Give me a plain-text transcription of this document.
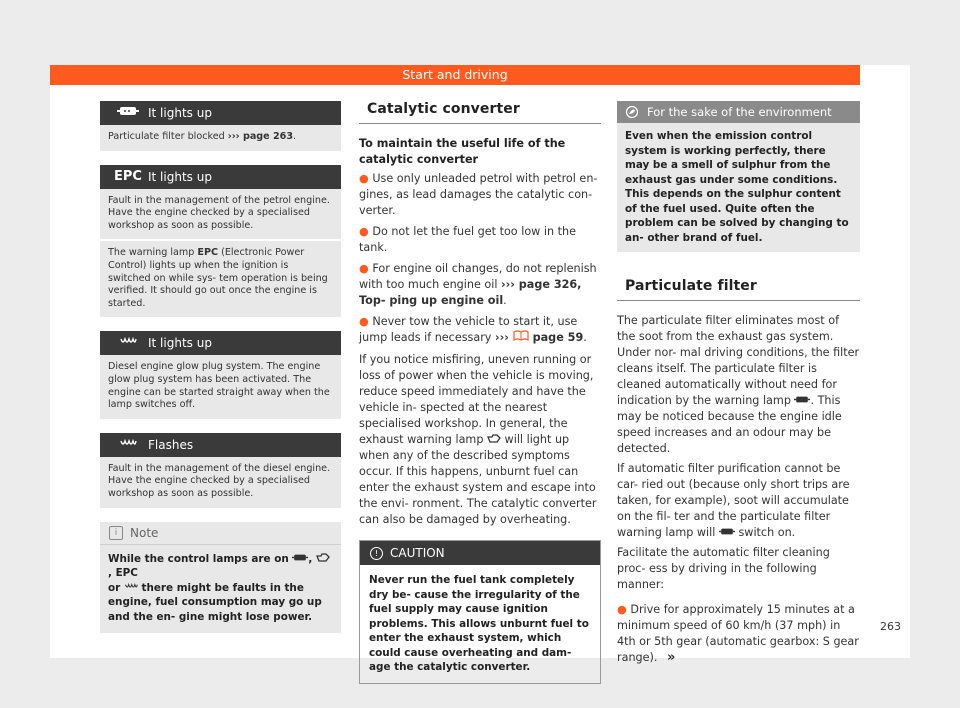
Start and driving
It lights up
Particulate filter blocked ››› page 263.
EPC It lights up
Fault in the management of the petrol engine. Have the engine checked by a specialised workshop as soon as possible.
The warning lamp EPC (Electronic Power Control) lights up when the ignition is switched on while sys- tem operation is being verified. It should go out once the engine is started.
It lights up
Diesel engine glow plug system. The engine glow plug system has been activated. The engine can be started straight away when the lamp switches off.
Flashes
Fault in the management of the diesel engine. Have the engine checked by a specialised workshop as soon as possible.
i	Note
While the control lamps are on , , EPC
or  there might be faults in the engine, fuel consumption may go up and the en- gine might lose power.
Catalytic converter

To maintain the useful life of the catalytic converter

● Use only unleaded petrol with petrol en- gines, as lead damages the catalytic con- verter.

● Do not let the fuel get too low in the tank.

● For engine oil changes, do not replenish with too much engine oil ››› page 326, Top- ping up engine oil.

● Never tow the vehicle to start it, use jump leads if necessary ›››  page 59.

If you notice misfiring, uneven running or loss of power when the vehicle is moving, reduce speed immediately and have the vehicle in- spected at the nearest specialised workshop. In general, the exhaust warning lamp  will light up when any of the described symptoms occur. If this happens, unburnt fuel can enter the exhaust system and escape into the envi- ronment. The catalytic converter can also be damaged by overheating.

! CAUTION
Never run the fuel tank completely dry be- cause the irregularity of the fuel supply may cause ignition problems. This allows unburnt fuel to enter the exhaust system, which could cause overheating and dam- age the catalytic converter.
For the sake of the environment
Even when the emission control system is working perfectly, there may be a smell of sulphur from the exhaust gas under some conditions. This depends on the sulphur content of the fuel used. Quite often the problem can be solved by changing to an- other brand of fuel.
Particulate filter

The particulate filter eliminates most of the soot from the exhaust gas system. Under nor- mal driving conditions, the filter cleans itself. The particulate filter is cleaned automatically without need for indication by the warning lamp . This may be noticed because the engine idle speed increases and an odour may be detected.

If automatic filter purification cannot be car- ried out (because only short trips are taken, for example), soot will accumulate on the fil- ter and the particulate filter warning lamp will  switch on.

Facilitate the automatic filter cleaning proc- ess by driving in the following manner:

● Drive for approximately 15 minutes at a minimum speed of 60 km/h (37 mph) in 4th or 5th gear (automatic gearbox: S gear range). »

263
